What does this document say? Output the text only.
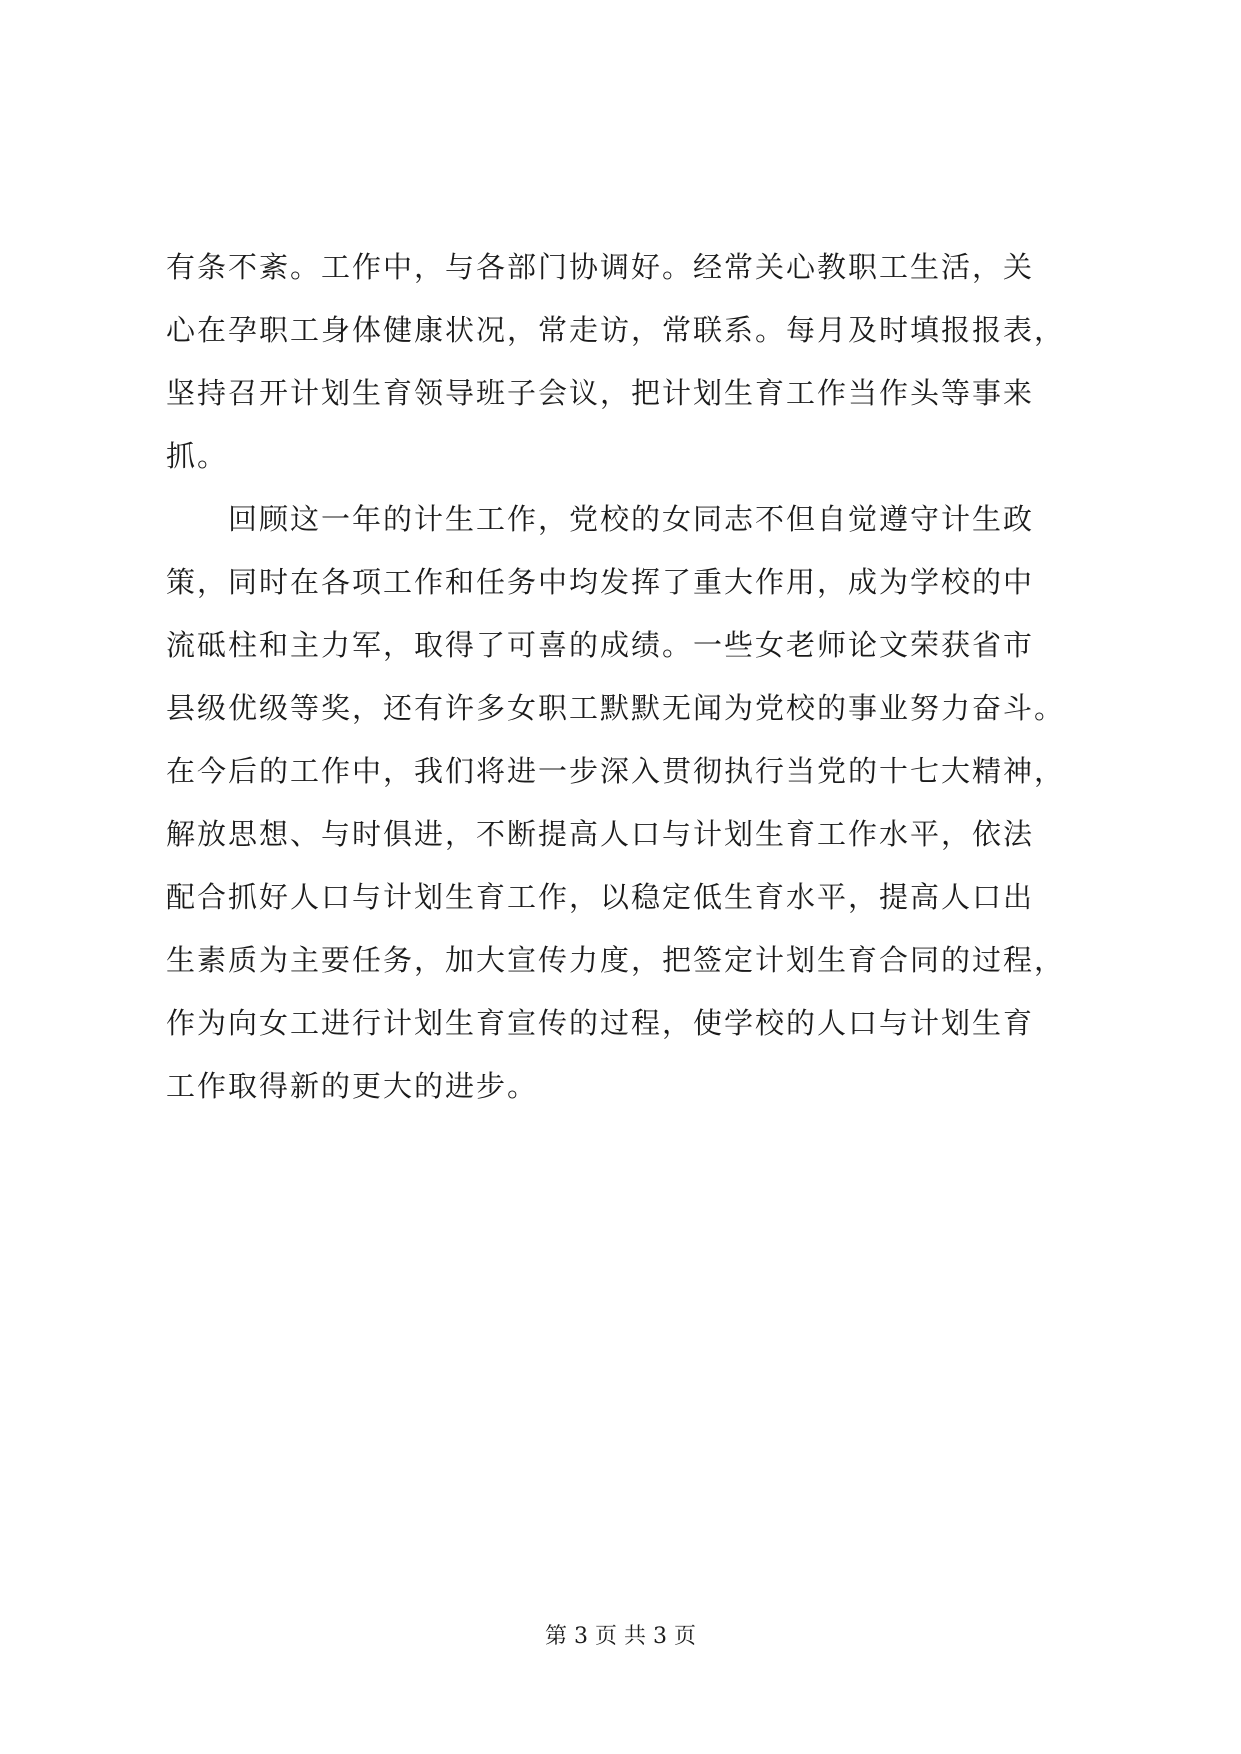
有条不紊。工作中，与各部门协调好。经常关心教职工生活，关
心在孕职工身体健康状况，常走访，常联系。每月及时填报报表，
坚持召开计划生育领导班子会议，把计划生育工作当作头等事来
抓。
　　回顾这一年的计生工作，党校的女同志不但自觉遵守计生政
策，同时在各项工作和任务中均发挥了重大作用，成为学校的中
流砥柱和主力军，取得了可喜的成绩。一些女老师论文荣获省市
县级优级等奖，还有许多女职工默默无闻为党校的事业努力奋斗。
在今后的工作中，我们将进一步深入贯彻执行当党的十七大精神，
解放思想、与时俱进，不断提高人口与计划生育工作水平，依法
配合抓好人口与计划生育工作，以稳定低生育水平，提高人口出
生素质为主要任务，加大宣传力度，把签定计划生育合同的过程，
作为向女工进行计划生育宣传的过程，使学校的人口与计划生育
工作取得新的更大的进步。
第 3 页 共 3 页
